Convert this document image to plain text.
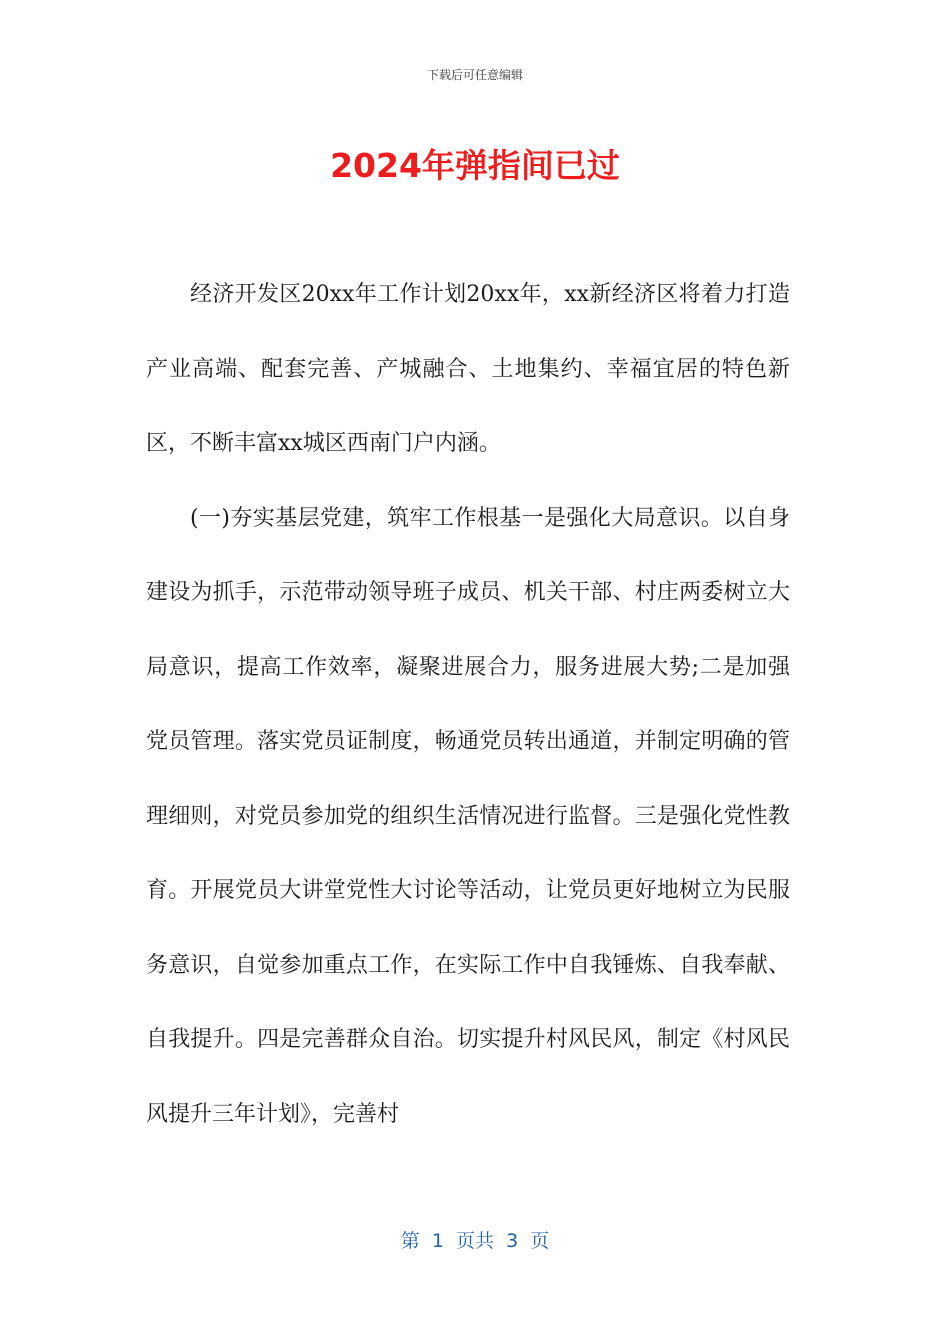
下载后可任意编辑
2024年弹指间已过

经济开发区20xx年工作计划20xx年，xx新经济区将着力打造产业高端、配套完善、产城融合、土地集约、幸福宜居的特色新区，不断丰富xx城区西南门户内涵。

(一)夯实基层党建，筑牢工作根基一是强化大局意识。以自身建设为抓手，示范带动领导班子成员、机关干部、村庄两委树立大局意识，提高工作效率，凝聚进展合力，服务进展大势;二是加强党员管理。落实党员证制度，畅通党员转出通道，并制定明确的管理细则，对党员参加党的组织生活情况进行监督。三是强化党性教育。开展党员大讲堂党性大讨论等活动，让党员更好地树立为民服务意识，自觉参加重点工作，在实际工作中自我锤炼、自我奉献、自我提升。四是完善群众自治。切实提升村风民风，制定《村风民风提升三年计划》，完善村

第  1  页共  3  页
